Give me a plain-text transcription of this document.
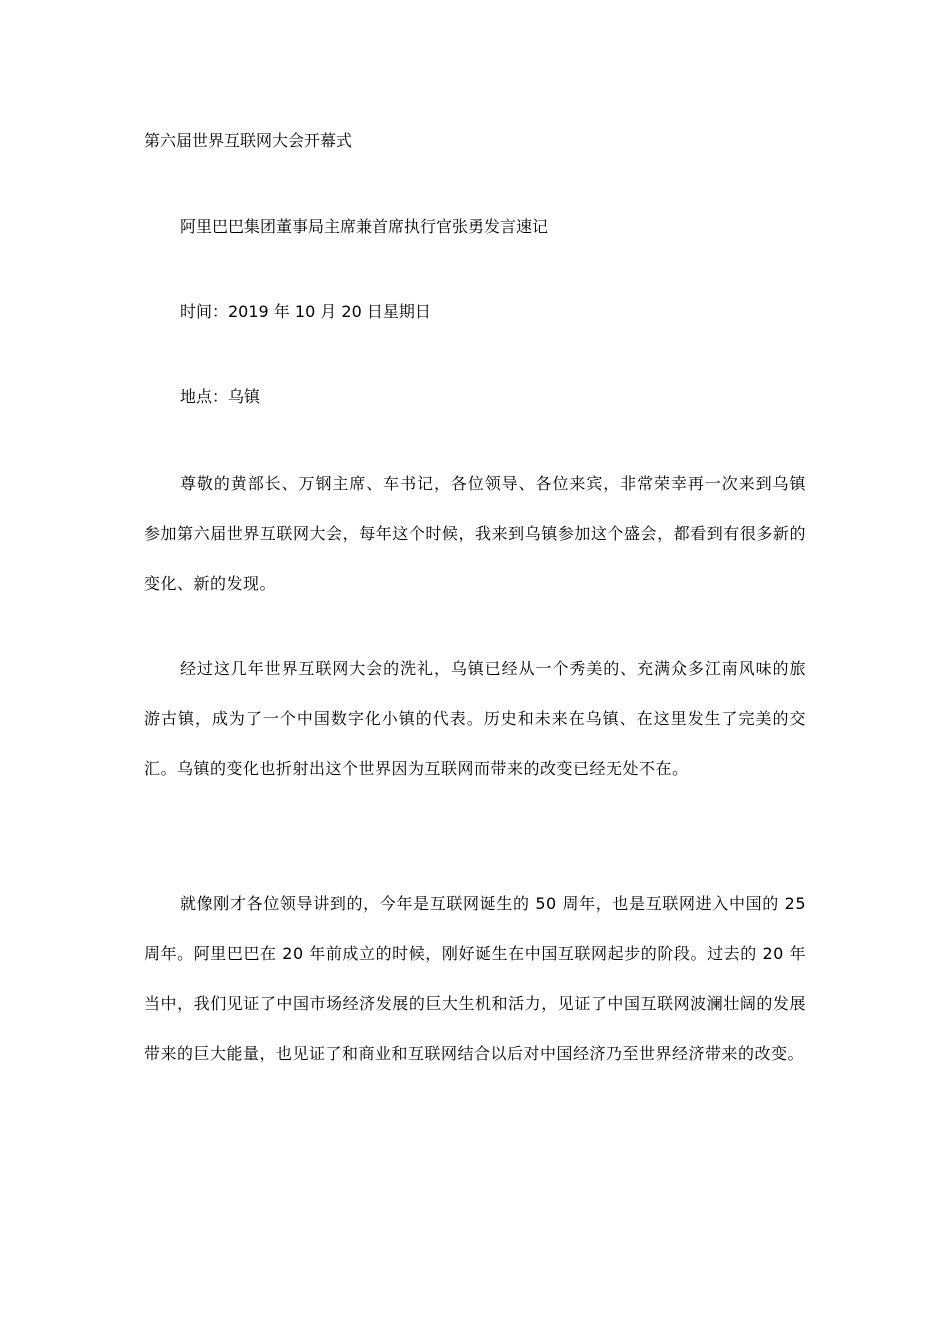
第六届世界互联网大会开幕式

阿里巴巴集团董事局主席兼首席执行官张勇发言速记

时间：2019 年 10 月 20 日星期日

地点：乌镇

尊敬的黄部长、万钢主席、车书记，各位领导、各位来宾，非常荣幸再一次来到乌镇参加第六届世界互联网大会，每年这个时候，我来到乌镇参加这个盛会，都看到有很多新的变化、新的发现。

经过这几年世界互联网大会的洗礼，乌镇已经从一个秀美的、充满众多江南风味的旅游古镇，成为了一个中国数字化小镇的代表。历史和未来在乌镇、在这里发生了完美的交汇。乌镇的变化也折射出这个世界因为互联网而带来的改变已经无处不在。

就像刚才各位领导讲到的，今年是互联网诞生的 50 周年，也是互联网进入中国的 25 周年。阿里巴巴在 20 年前成立的时候，刚好诞生在中国互联网起步的阶段。过去的 20 年当中，我们见证了中国市场经济发展的巨大生机和活力，见证了中国互联网波澜壮阔的发展带来的巨大能量，也见证了和商业和互联网结合以后对中国经济乃至世界经济带来的改变。
